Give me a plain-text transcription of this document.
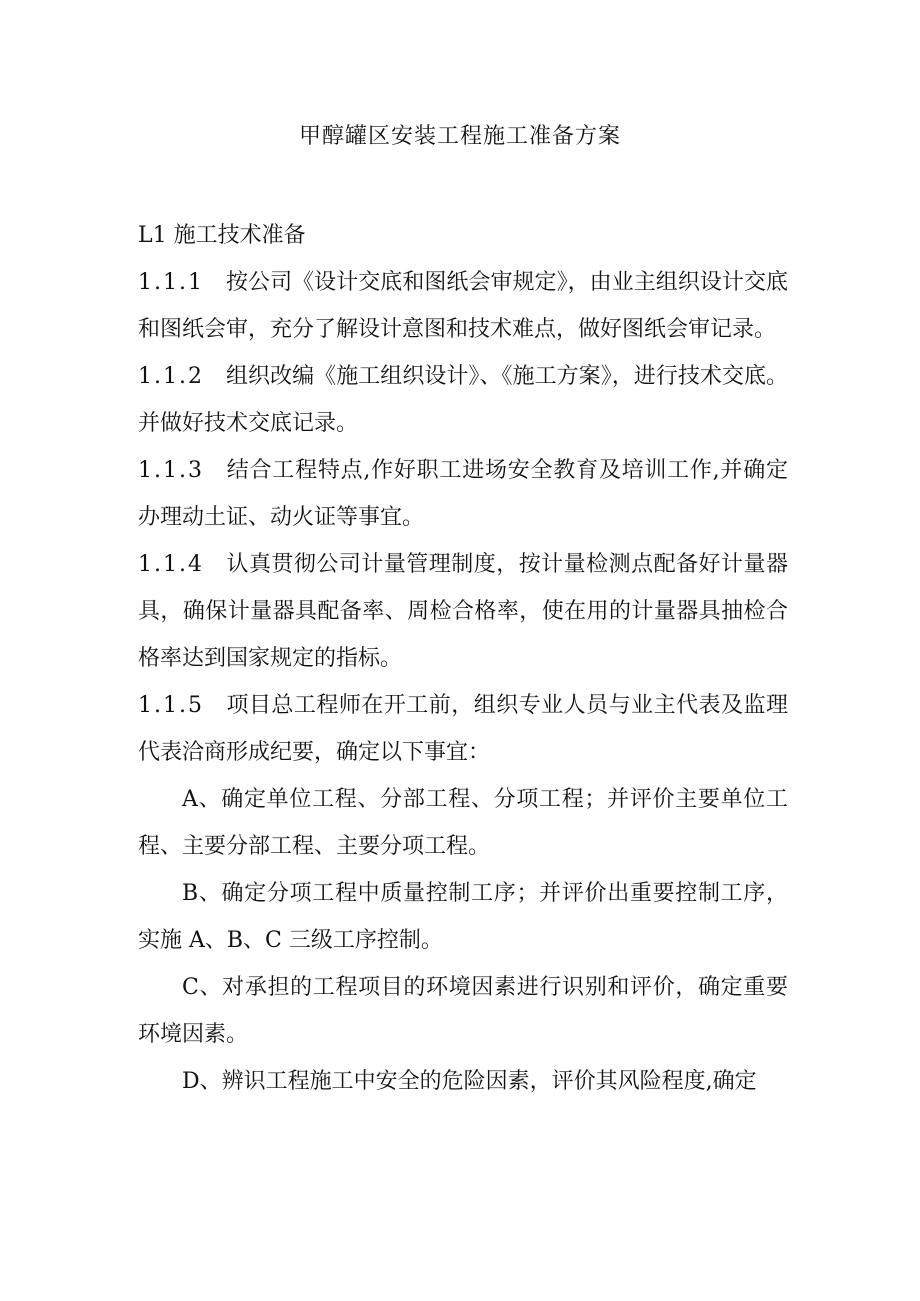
甲醇罐区安装工程施工准备方案

L1 施工技术准备

1.1.1 按公司《设计交底和图纸会审规定》，由业主组织设计交底和图纸会审，充分了解设计意图和技术难点，做好图纸会审记录。

1.1.2 组织改编《施工组织设计》、《施工方案》，进行技术交底。并做好技术交底记录。

1.1.3 结合工程特点,作好职工进场安全教育及培训工作,并确定办理动土证、动火证等事宜。

1.1.4 认真贯彻公司计量管理制度，按计量检测点配备好计量器具，确保计量器具配备率、周检合格率，使在用的计量器具抽检合格率达到国家规定的指标。

1.1.5 项目总工程师在开工前，组织专业人员与业主代表及监理代表洽商形成纪要，确定以下事宜：

A、确定单位工程、分部工程、分项工程；并评价主要单位工程、主要分部工程、主要分项工程。

B、确定分项工程中质量控制工序；并评价出重要控制工序，实施 A、B、C 三级工序控制。

C、对承担的工程项目的环境因素进行识别和评价，确定重要环境因素。

D、辨识工程施工中安全的危险因素，评价其风险程度,确定
